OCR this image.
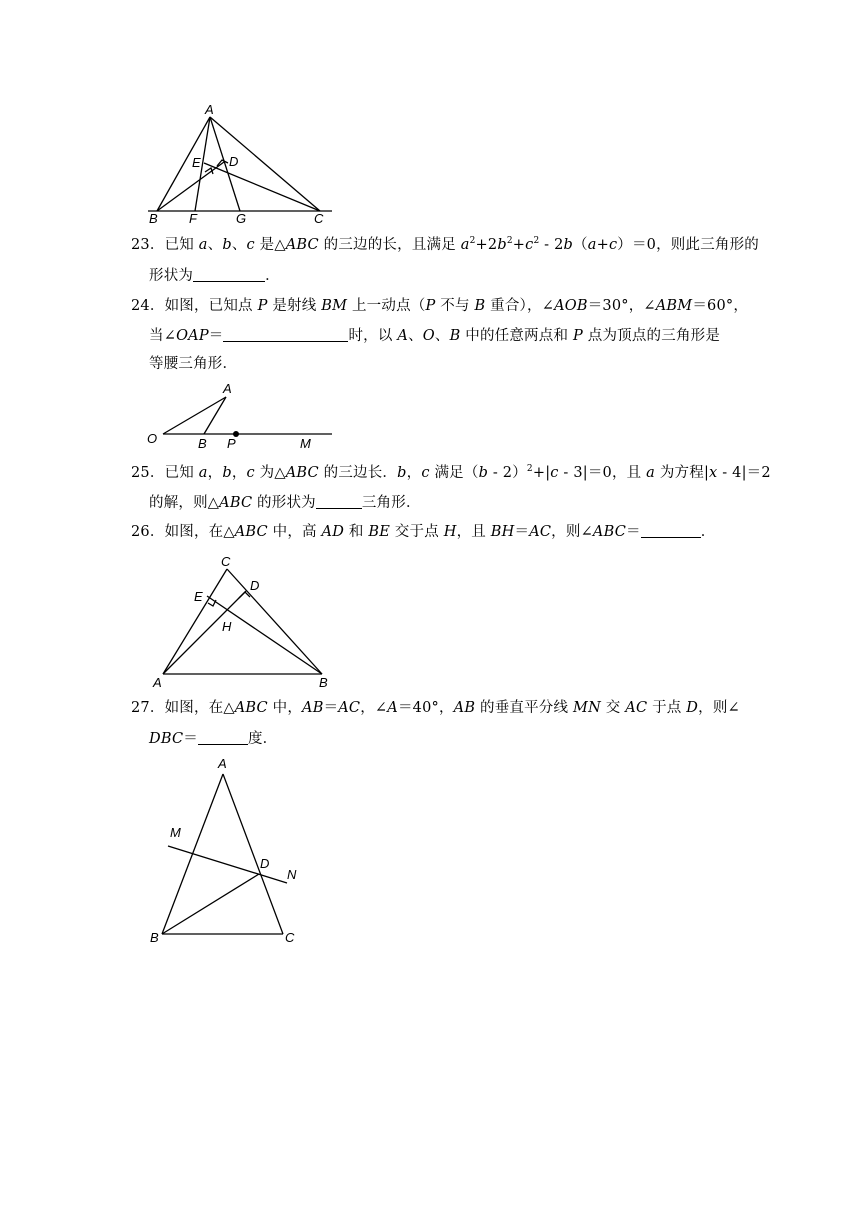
A
B	C
D
E
F	G
A
O	B P	M
C
D
E
H
A	B
A
M
D
N
B	C
23．已知 a、b、c 是△ABC 的三边的长，且满足 $a^2+2b^2+c^2 - 2b(a+c)=0$，则此三角形的
形状为	．
24．如图，已知点 P 是射线 BM 上一动点（P 不与 B 重合），∠AOB＝30°，∠ABM＝60°，
当∠OAP＝	时，以 A、O、B 中的任意两点和 P 点为顶点的三角形是
等腰三角形．
25．已知 a，b，c 为△ABC 的三边长．b，c 满足（b - 2）$^2$+|c - 3|＝0，且 a 为方程|x - 4|＝2
的解，则△ABC 的形状为	三角形．
26．如图，在△ABC 中，高 AD 和 BE 交于点 H，且 BH＝AC，则∠ABC＝	．
27．如图，在△ABC 中，AB＝AC，∠A＝40°，AB 的垂直平分线 MN 交 AC 于点 D，则∠
DBC＝	度．
